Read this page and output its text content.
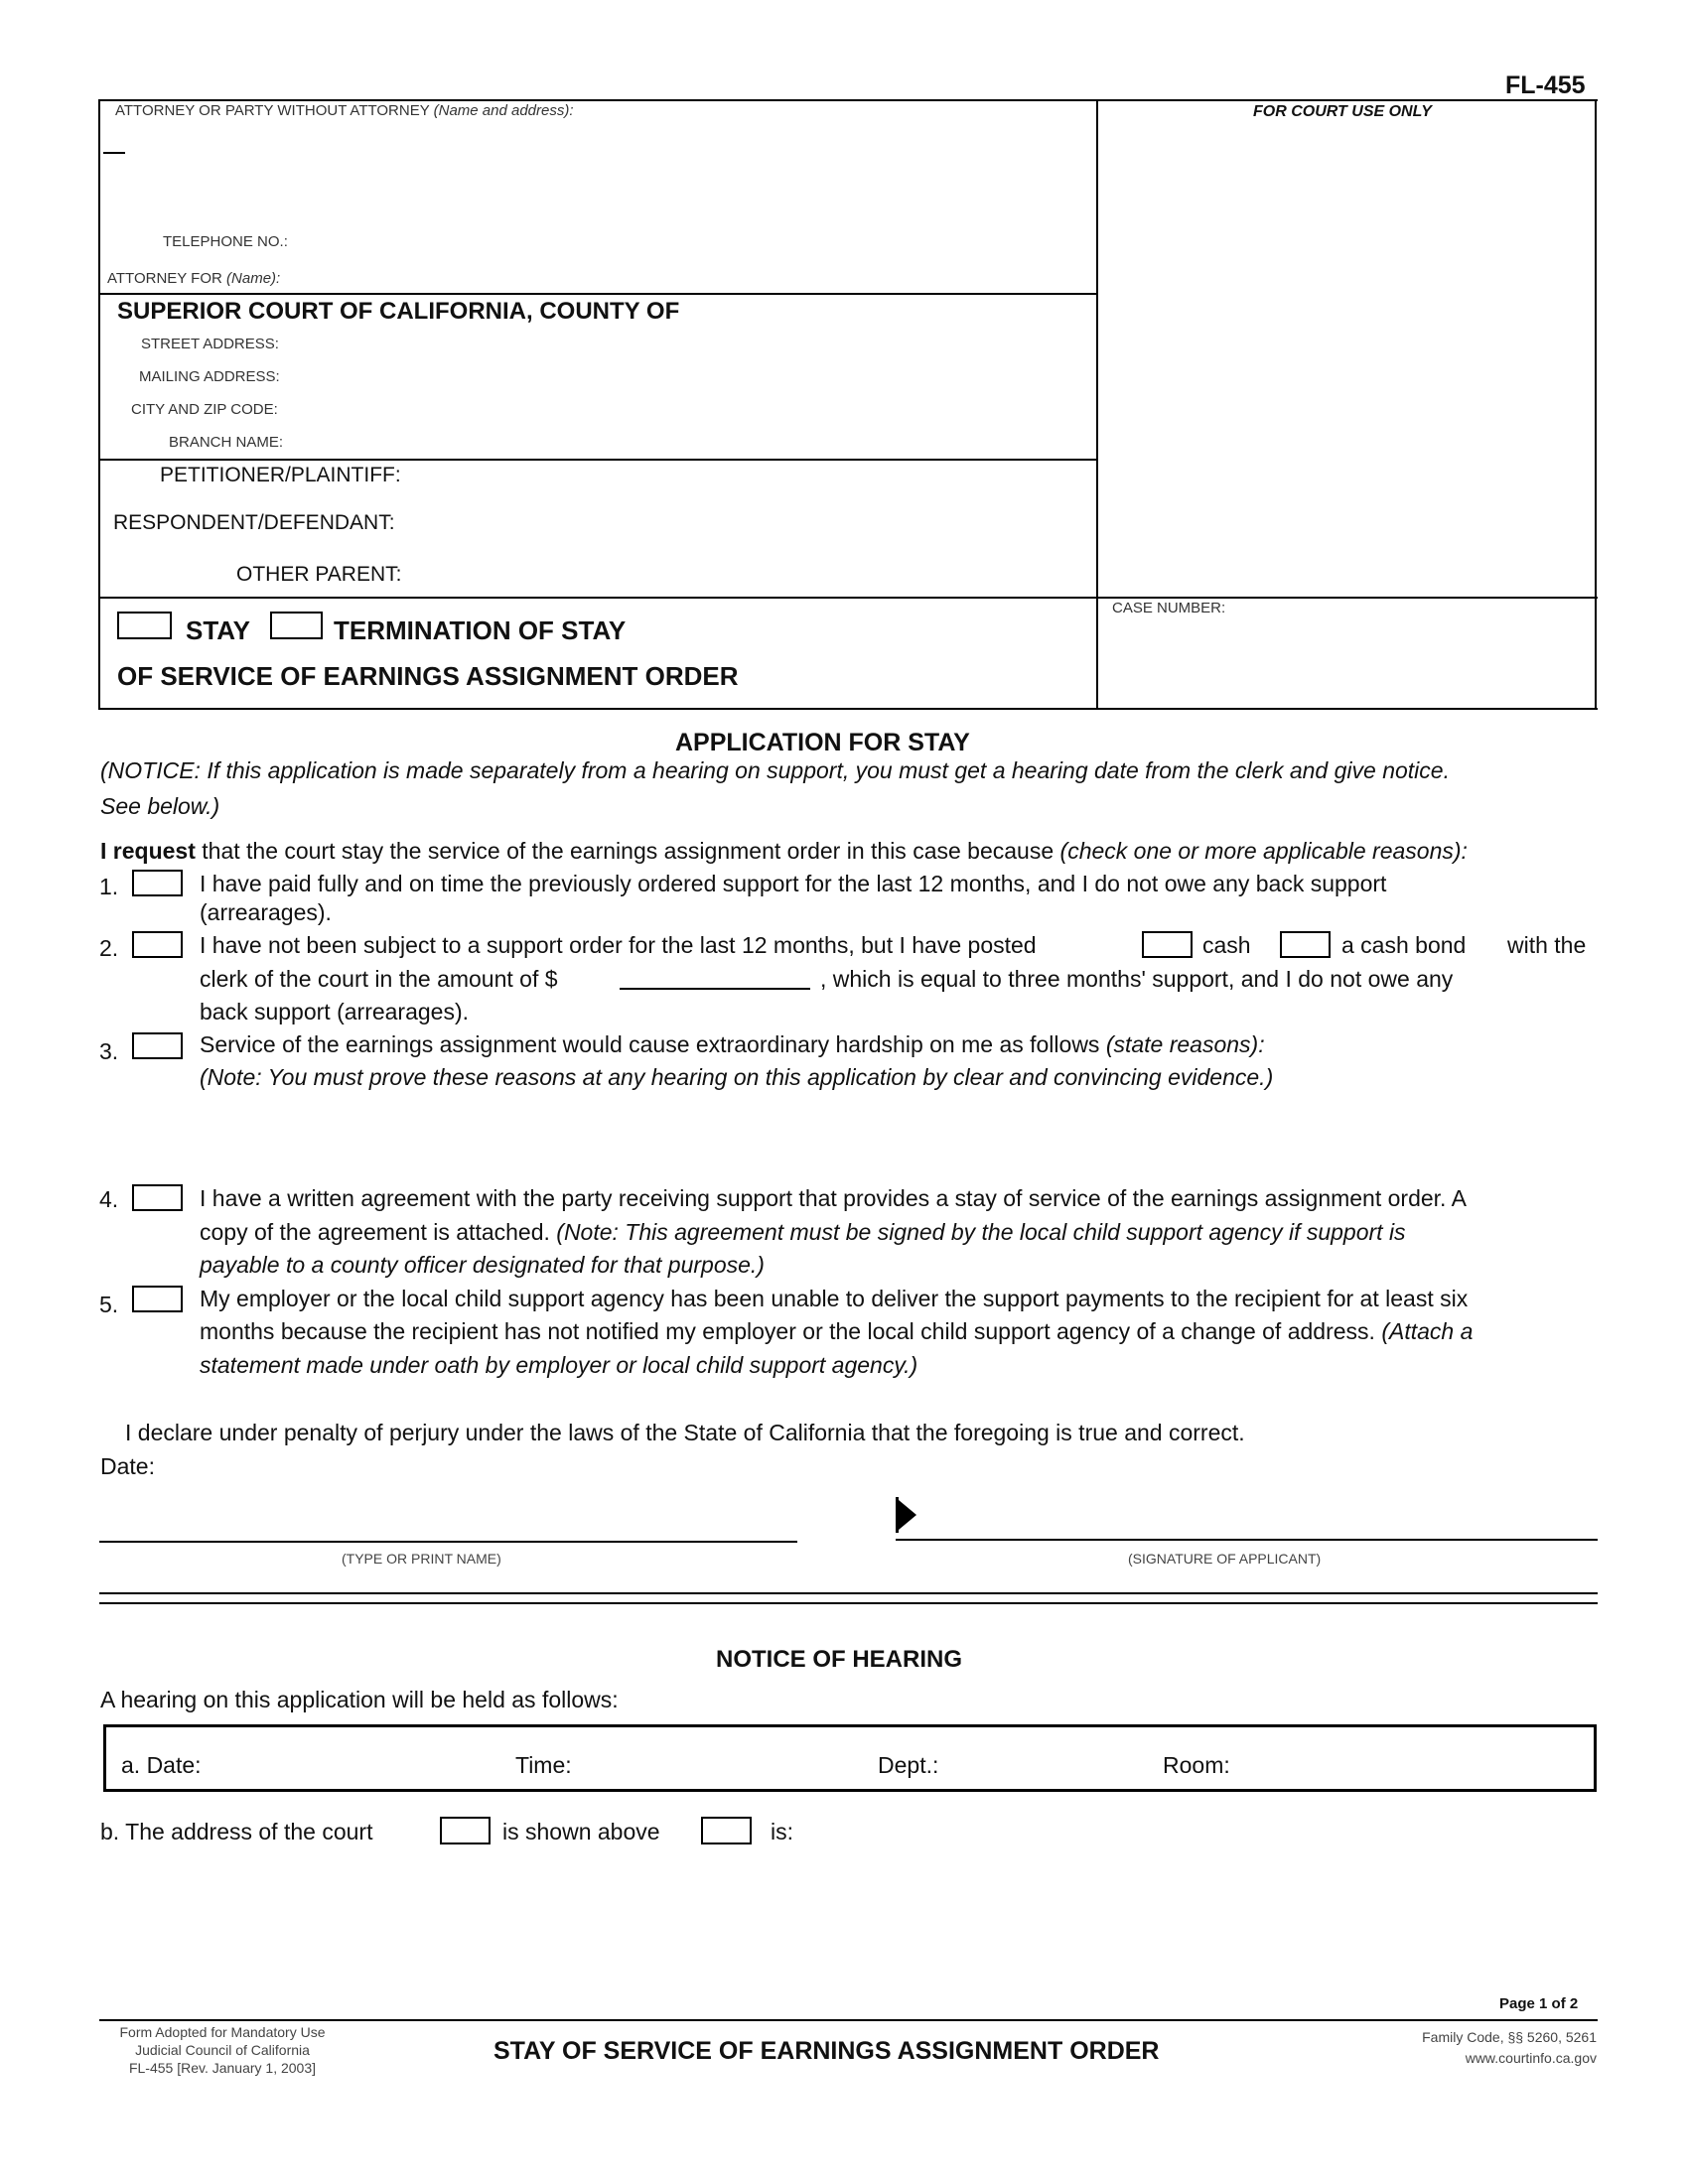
FL-455
ATTORNEY OR PARTY WITHOUT ATTORNEY (Name and address):
TELEPHONE NO.:
ATTORNEY FOR (Name):
FOR COURT USE ONLY
SUPERIOR COURT OF CALIFORNIA, COUNTY OF
STREET ADDRESS:
MAILING ADDRESS:
CITY AND ZIP CODE:
BRANCH NAME:
PETITIONER/PLAINTIFF:
RESPONDENT/DEFENDANT:
OTHER PARENT:
STAY	TERMINATION OF STAY
OF SERVICE OF EARNINGS ASSIGNMENT ORDER
CASE NUMBER:
APPLICATION FOR STAY
(NOTICE: If this application is made separately from a hearing on support, you must get a hearing date from the clerk and give notice.
See below.)
I request that the court stay the service of the earnings assignment order in this case because (check one or more applicable reasons):
1.	I have paid fully and on time the previously ordered support for the last 12 months, and I do not owe any back support
(arrearages).
2.	I have not been subject to a support order for the last 12 months, but I have posted	cash	a cash bond with the
clerk of the court in the amount of $	, which is equal to three months' support, and I do not owe any
back support (arrearages).
3.	Service of the earnings assignment would cause extraordinary hardship on me as follows (state reasons):
(Note: You must prove these reasons at any hearing on this application by clear and convincing evidence.)
4.	I have a written agreement with the party receiving support that provides a stay of service of the earnings assignment order. A
copy of the agreement is attached. (Note: This agreement must be signed by the local child support agency if support is
payable to a county officer designated for that purpose.)
5.	My employer or the local child support agency has been unable to deliver the support payments to the recipient for at least six
months because the recipient has not notified my employer or the local child support agency of a change of address. (Attach a
statement made under oath by employer or local child support agency.)
I declare under penalty of perjury under the laws of the State of California that the foregoing is true and correct.
Date:
(TYPE OR PRINT NAME)	(SIGNATURE OF APPLICANT)
NOTICE OF HEARING
A hearing on this application will be held as follows:
a. Date:	Time:	Dept.:	Room:
b. The address of the court	is shown above	is:
Page 1 of 2
Form Adopted for Mandatory Use
Judicial Council of California
FL-455 [Rev. January 1, 2003]
STAY OF SERVICE OF EARNINGS ASSIGNMENT ORDER	Family Code, §§ 5260, 5261
www.courtinfo.ca.gov
